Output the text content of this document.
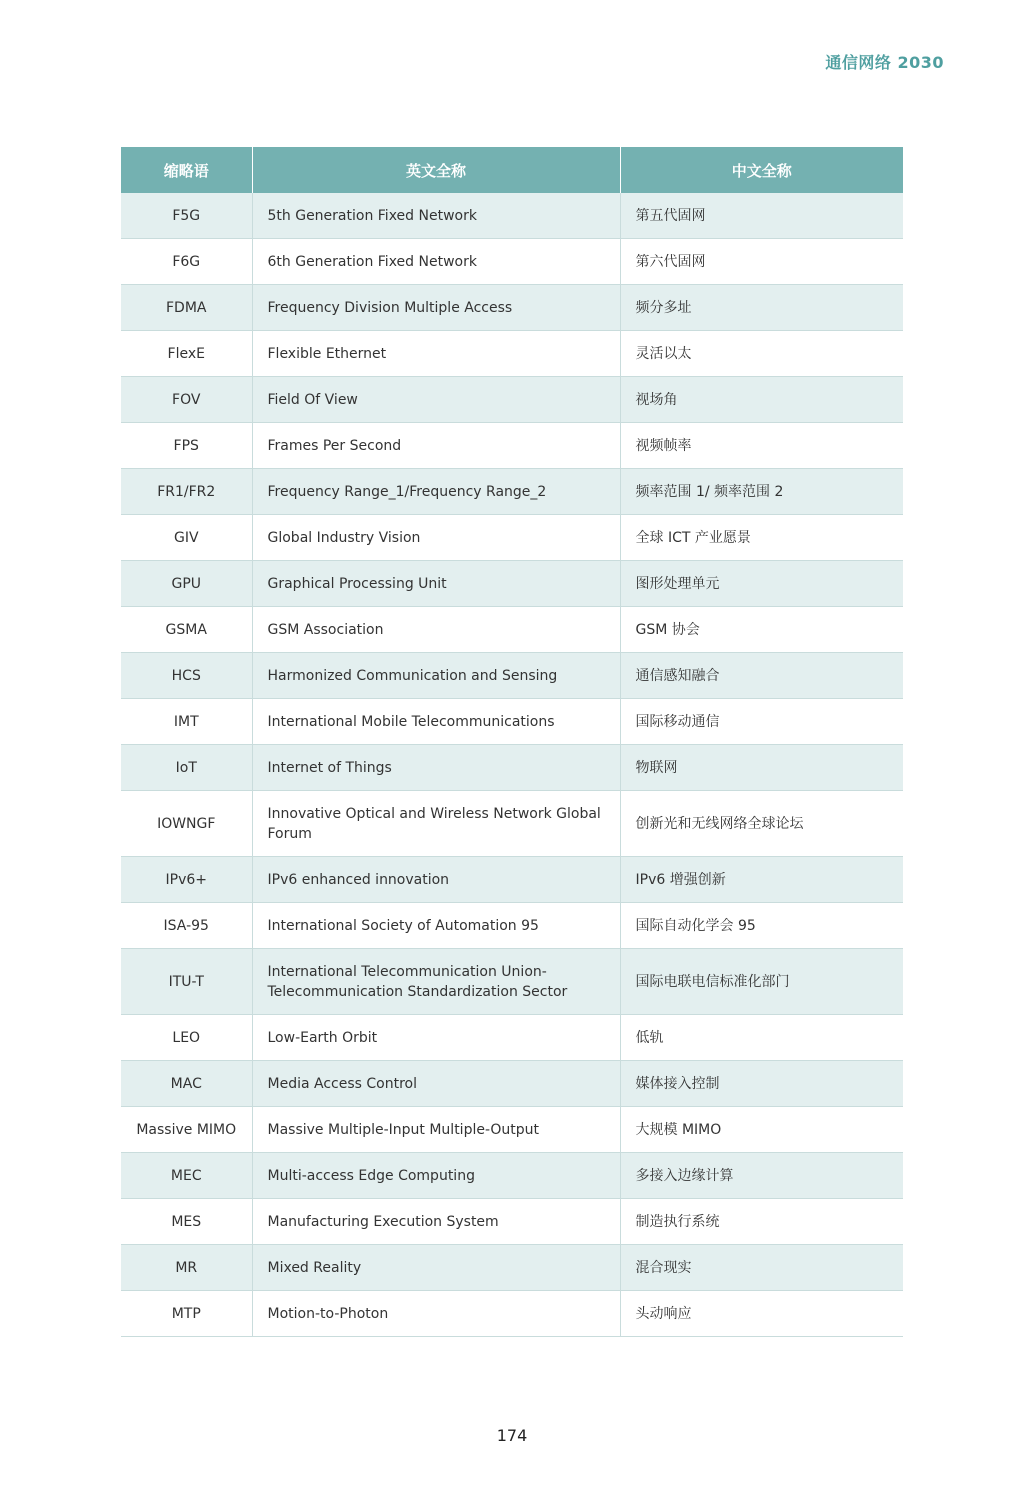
通信网络 2030
缩略语	英文全称	中文全称
F5G	5th Generation Fixed Network	第五代固网
F6G	6th Generation Fixed Network	第六代固网
FDMA	Frequency Division Multiple Access	频分多址
FlexE	Flexible Ethernet	灵活以太
FOV	Field Of View	视场角
FPS	Frames Per Second	视频帧率
FR1/FR2	Frequency Range_1/Frequency Range_2	频率范围 1/ 频率范围 2
GIV	Global Industry Vision	全球 ICT 产业愿景
GPU	Graphical Processing Unit	图形处理单元
GSMA	GSM Association	GSM 协会
HCS	Harmonized Communication and Sensing	通信感知融合
IMT	International Mobile Telecommunications	国际移动通信
IoT	Internet of Things	物联网
IOWNGF	Innovative Optical and Wireless Network Global Forum	创新光和无线网络全球论坛
IPv6+	IPv6 enhanced innovation	IPv6 增强创新
ISA-95	International Society of Automation 95	国际自动化学会 95
ITU-T	International Telecommunication Union-Telecommunication Standardization Sector	国际电联电信标准化部门
LEO	Low-Earth Orbit	低轨
MAC	Media Access Control	媒体接入控制
Massive MIMO	Massive Multiple-Input Multiple-Output	大规模 MIMO
MEC	Multi-access Edge Computing	多接入边缘计算
MES	Manufacturing Execution System	制造执行系统
MR	Mixed Reality	混合现实
MTP	Motion-to-Photon	头动响应
174
